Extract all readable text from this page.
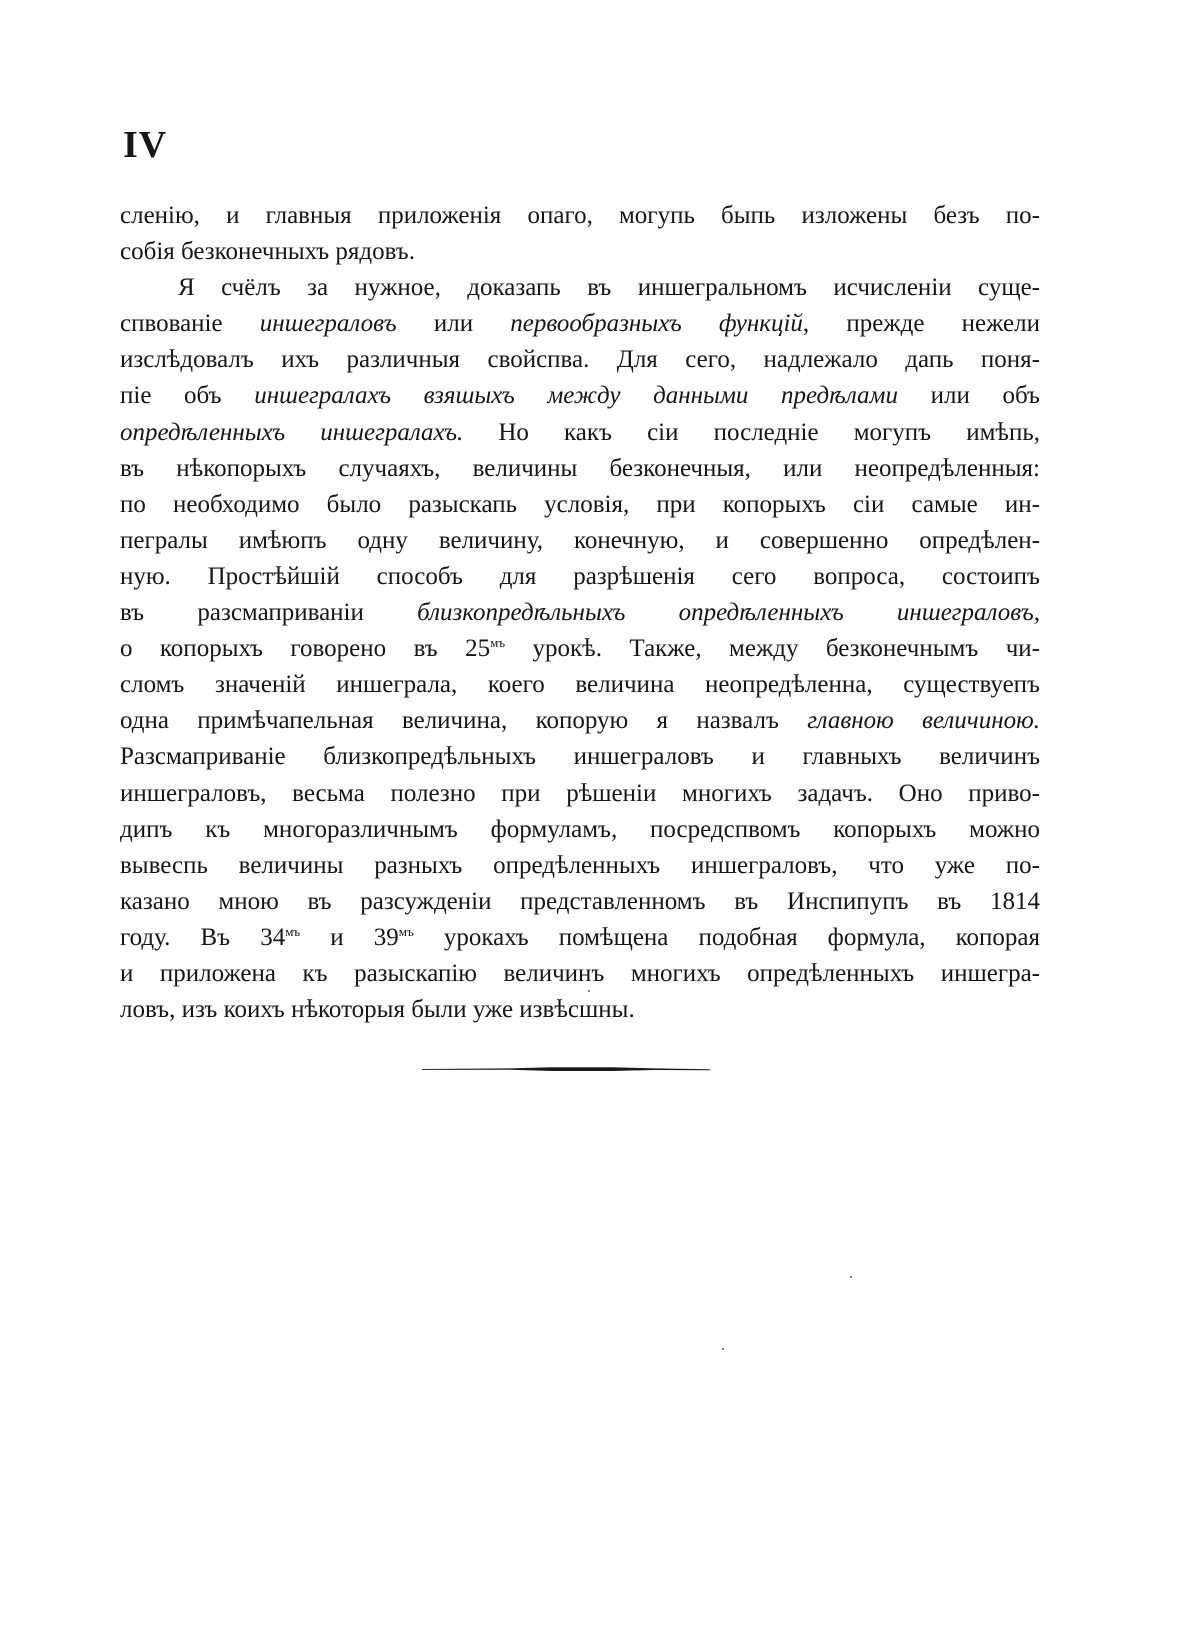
IV
сленію, и главныя приложенія опаго, могупь быпь изложены безъ по-
собія безконечныхъ рядовъ.
Я счёлъ за нужное, доказапь въ иншегральномъ исчисленіи суще-
спвованіе иншеграловъ или первообразныхъ функцій, прежде нежели
изслѣдовалъ ихъ различныя свойспва. Для сего, надлежало дапь поня-
піе объ иншегралахъ взяшыхъ между данными предѣлами или объ
опредѣленныхъ иншегралахъ. Но какъ сіи последніе могупъ имѣпь,
въ нѣкопорыхъ случаяхъ, величины безконечныя, или неопредѣленныя:
по необходимо было разыскапь условія, при копорыхъ сіи самые ин-
пегралы имѣюпъ одну величину, конечную, и совершенно опредѣлен-
ную. Простѣйшій способъ для разрѣшенія сего вопроса, состоипъ
въ разсмаприваніи близкопредѣльныхъ опредѣленныхъ иншеграловъ,
о копорыхъ говорено въ $25^{мъ}$ урокѣ. Также, между безконечнымъ чи-
сломъ значеній иншеграла, коего величина неопредѣленна, существуепъ
одна примѣчапельная величина, копорую я назвалъ главною величиною.
Разсмаприваніе близкопредѣльныхъ иншеграловъ и главныхъ величинъ
иншеграловъ, весьма полезно при рѣшеніи многихъ задачъ. Оно приво-
дипъ къ многоразличнымъ формуламъ, посредспвомъ копорыхъ можно
вывеспь величины разныхъ опредѣленныхъ иншеграловъ, что уже по-
казано мною въ разсужденіи представленномъ въ Инспипупъ въ 1814
году. Въ $34^{мъ}$ и $39^{мъ}$ урокахъ помѣщена подобная формула, копорая
и приложена къ разыскапію величинъ многихъ опредѣленныхъ иншегра-
ловъ, изъ коихъ нѣкоторыя были уже извѣсшны.
